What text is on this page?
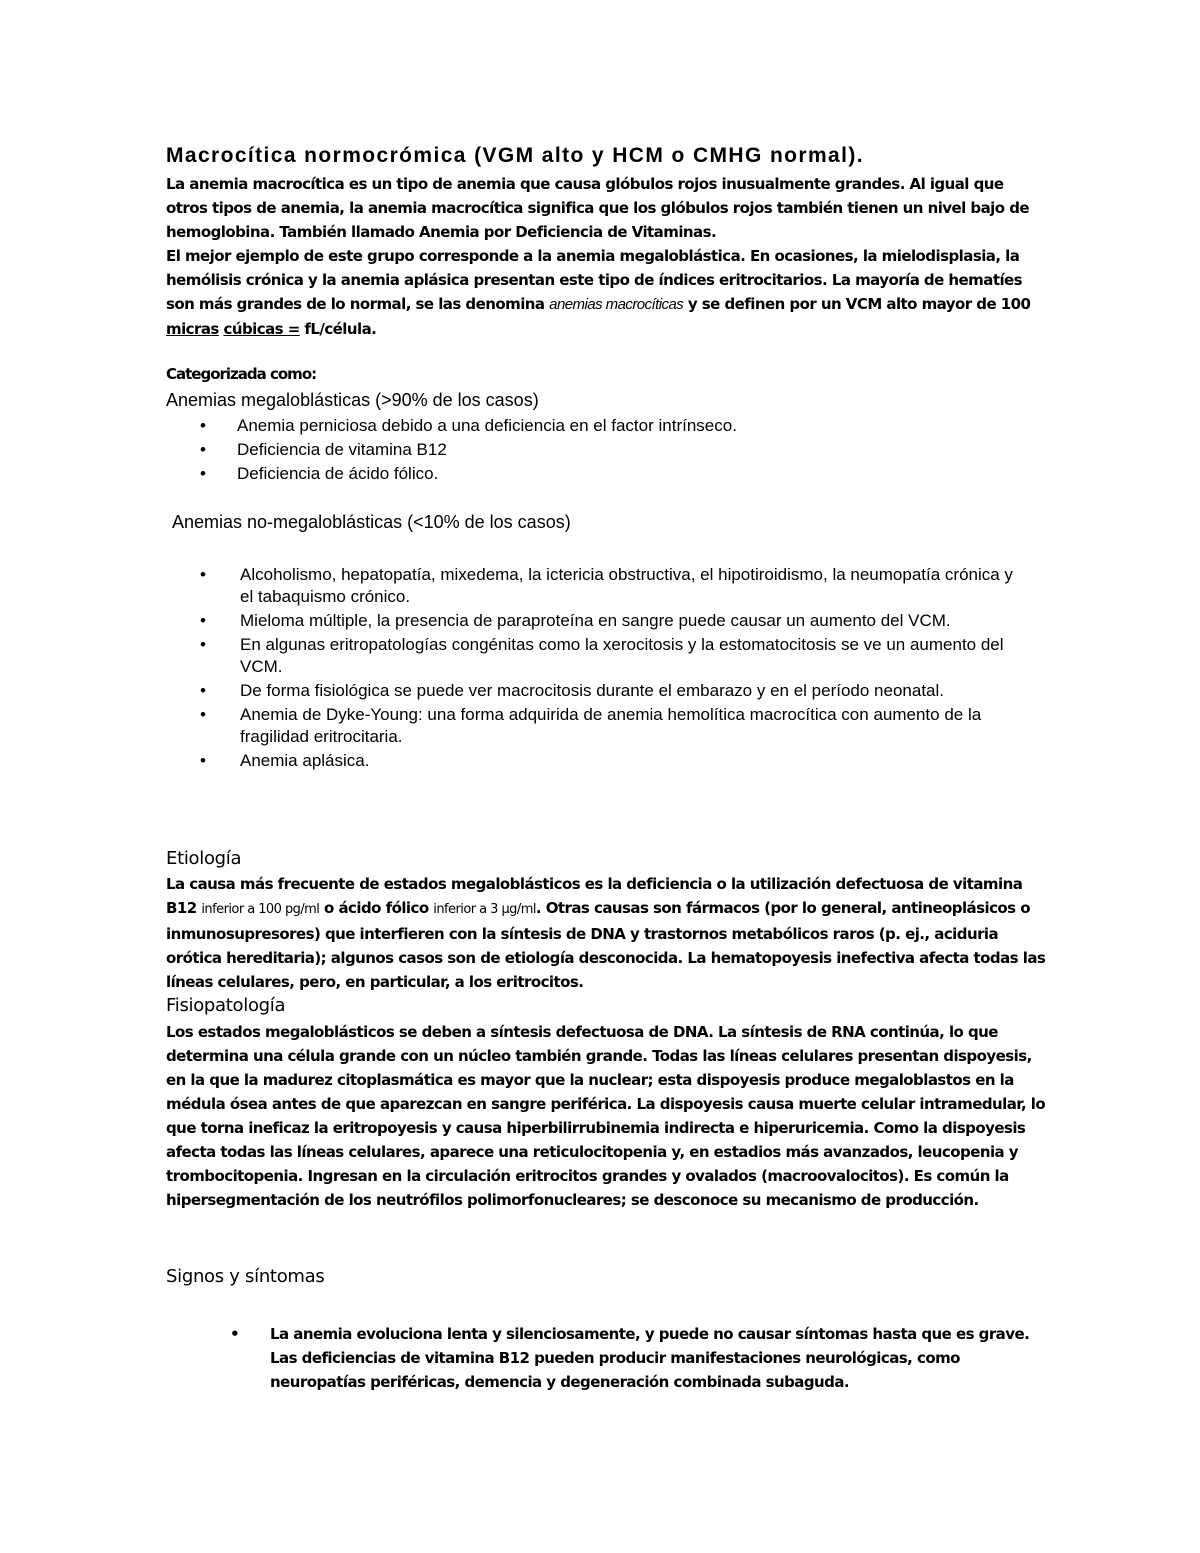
Macrocítica normocrómica (VGM alto y HCM o CMHG normal).

La anemia macrocítica es un tipo de anemia que causa glóbulos rojos inusualmente grandes. Al igual que otros tipos de anemia, la anemia macrocítica significa que los glóbulos rojos también tienen un nivel bajo de hemoglobina. También llamado Anemia por Deficiencia de Vitaminas.

El mejor ejemplo de este grupo corresponde a la anemia megaloblástica. En ocasiones, la mielodisplasia, la hemólisis crónica y la anemia aplásica presentan este tipo de índices eritrocitarios. La mayoría de hematíes son más grandes de lo normal, se las denomina anemias macrocíticas y se definen por un VCM alto mayor de 100 micras cúbicas = fL/célula.

Categorizada como:
Anemias megaloblásticas (>90% de los casos)
•	Anemia perniciosa debido a una deficiencia en el factor intrínseco.
•	Deficiencia de vitamina B12
•	Deficiencia de ácido fólico.
Anemias no-megaloblásticas (<10% de los casos)
•	Alcoholismo, hepatopatía, mixedema, la ictericia obstructiva, el hipotiroidismo, la neumopatía crónica y el tabaquismo crónico.
•	Mieloma múltiple, la presencia de paraproteína en sangre puede causar un aumento del VCM.
•	En algunas eritropatologías congénitas como la xerocitosis y la estomatocitosis se ve un aumento del VCM.
•	De forma fisiológica se puede ver macrocitosis durante el embarazo y en el período neonatal.
•	Anemia de Dyke-Young: una forma adquirida de anemia hemolítica macrocítica con aumento de la fragilidad eritrocitaria.
•	Anemia aplásica.
Etiología

La causa más frecuente de estados megaloblásticos es la deficiencia o la utilización defectuosa de vitamina B12 inferior a 100 pg/ml o ácido fólico inferior a 3 µg/ml. Otras causas son fármacos (por lo general, antineoplásicos o inmunosupresores) que interfieren con la síntesis de DNA y trastornos metabólicos raros (p. ej., aciduria orótica hereditaria); algunos casos son de etiología desconocida. La hematopoyesis inefectiva afecta todas las líneas celulares, pero, en particular, a los eritrocitos.

Fisiopatología

Los estados megaloblásticos se deben a síntesis defectuosa de DNA. La síntesis de RNA continúa, lo que determina una célula grande con un núcleo también grande. Todas las líneas celulares presentan dispoyesis, en la que la madurez citoplasmática es mayor que la nuclear; esta dispoyesis produce megaloblastos en la médula ósea antes de que aparezcan en sangre periférica. La dispoyesis causa muerte celular intramedular, lo que torna ineficaz la eritropoyesis y causa hiperbilirrubinemia indirecta e hiperuricemia. Como la dispoyesis afecta todas las líneas celulares, aparece una reticulocitopenia y, en estadios más avanzados, leucopenia y trombocitopenia. Ingresan en la circulación eritrocitos grandes y ovalados (macroovalocitos). Es común la hipersegmentación de los neutrófilos polimorfonucleares; se desconoce su mecanismo de producción.

Signos y síntomas
•	La anemia evoluciona lenta y silenciosamente, y puede no causar síntomas hasta que es grave. Las deficiencias de vitamina B12 pueden producir manifestaciones neurológicas, como neuropatías periféricas, demencia y degeneración combinada subaguda.
